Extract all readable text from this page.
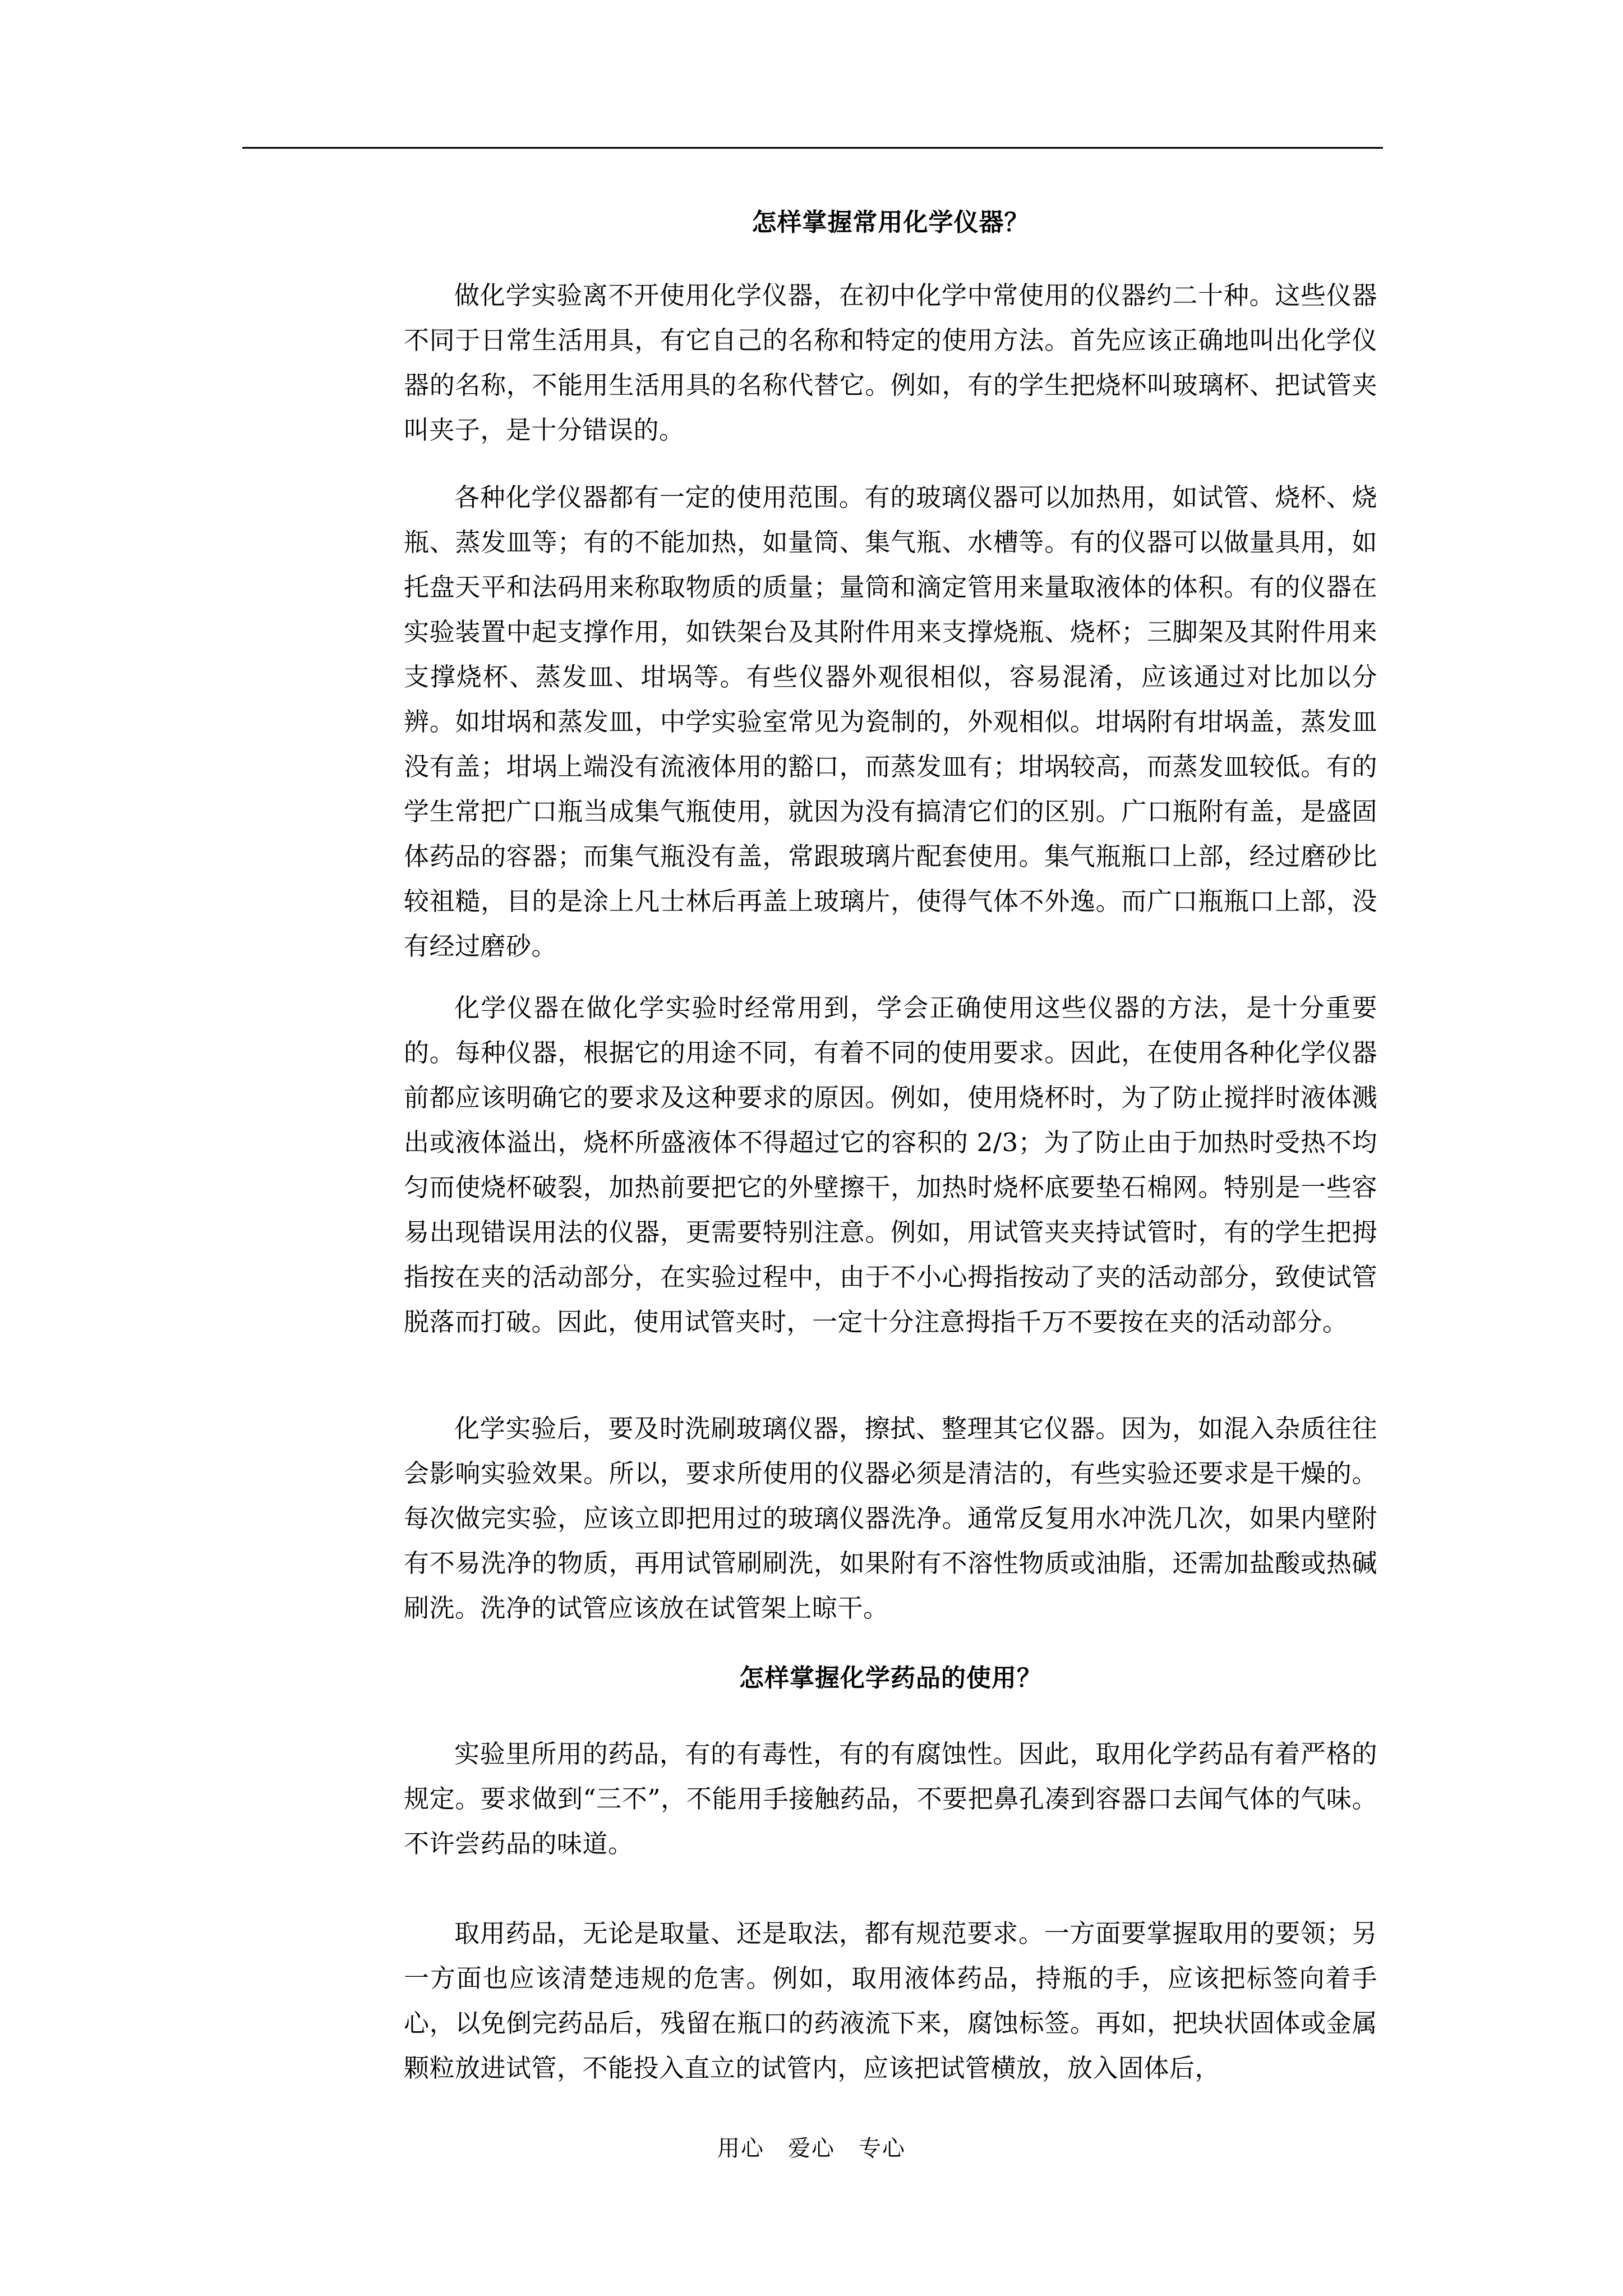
怎样掌握常用化学仪器？

做化学实验离不开使用化学仪器，在初中化学中常使用的仪器约二十种。这些仪器不同于日常生活用具，有它自己的名称和特定的使用方法。首先应该正确地叫出化学仪器的名称，不能用生活用具的名称代替它。例如，有的学生把烧杯叫玻璃杯、把试管夹叫夹子，是十分错误的。

各种化学仪器都有一定的使用范围。有的玻璃仪器可以加热用，如试管、烧杯、烧瓶、蒸发皿等；有的不能加热，如量筒、集气瓶、水槽等。有的仪器可以做量具用，如托盘天平和法码用来称取物质的质量；量筒和滴定管用来量取液体的体积。有的仪器在实验装置中起支撑作用，如铁架台及其附件用来支撑烧瓶、烧杯；三脚架及其附件用来支撑烧杯、蒸发皿、坩埚等。有些仪器外观很相似，容易混淆，应该通过对比加以分辨。如坩埚和蒸发皿，中学实验室常见为瓷制的，外观相似。坩埚附有坩埚盖，蒸发皿没有盖；坩埚上端没有流液体用的豁口，而蒸发皿有；坩埚较高，而蒸发皿较低。有的学生常把广口瓶当成集气瓶使用，就因为没有搞清它们的区别。广口瓶附有盖，是盛固体药品的容器；而集气瓶没有盖，常跟玻璃片配套使用。集气瓶瓶口上部，经过磨砂比较祖糙，目的是涂上凡士林后再盖上玻璃片，使得气体不外逸。而广口瓶瓶口上部，没有经过磨砂。

化学仪器在做化学实验时经常用到，学会正确使用这些仪器的方法，是十分重要的。每种仪器，根据它的用途不同，有着不同的使用要求。因此，在使用各种化学仪器前都应该明确它的要求及这种要求的原因。例如，使用烧杯时，为了防止搅拌时液体溅出或液体溢出，烧杯所盛液体不得超过它的容积的 2/3；为了防止由于加热时受热不均匀而使烧杯破裂，加热前要把它的外壁擦干，加热时烧杯底要垫石棉网。特别是一些容易出现错误用法的仪器，更需要特别注意。例如，用试管夹夹持试管时，有的学生把拇指按在夹的活动部分，在实验过程中，由于不小心拇指按动了夹的活动部分，致使试管脱落而打破。因此，使用试管夹时，一定十分注意拇指千万不要按在夹的活动部分。

化学实验后，要及时洗刷玻璃仪器，擦拭、整理其它仪器。因为，如混入杂质往往会影响实验效果。所以，要求所使用的仪器必须是清洁的，有些实验还要求是干燥的。每次做完实验，应该立即把用过的玻璃仪器洗净。通常反复用水冲洗几次，如果内壁附有不易洗净的物质，再用试管刷刷洗，如果附有不溶性物质或油脂，还需加盐酸或热碱刷洗。洗净的试管应该放在试管架上晾干。

怎样掌握化学药品的使用？

实验里所用的药品，有的有毒性，有的有腐蚀性。因此，取用化学药品有着严格的规定。要求做到“三不”，不能用手接触药品，不要把鼻孔凑到容器口去闻气体的气味。不许尝药品的味道。

取用药品，无论是取量、还是取法，都有规范要求。一方面要掌握取用的要领；另一方面也应该清楚违规的危害。例如，取用液体药品，持瓶的手，应该把标签向着手心，以免倒完药品后，残留在瓶口的药液流下来，腐蚀标签。再如，把块状固体或金属颗粒放进试管，不能投入直立的试管内，应该把试管横放，放入固体后，

用心　爱心　专心
